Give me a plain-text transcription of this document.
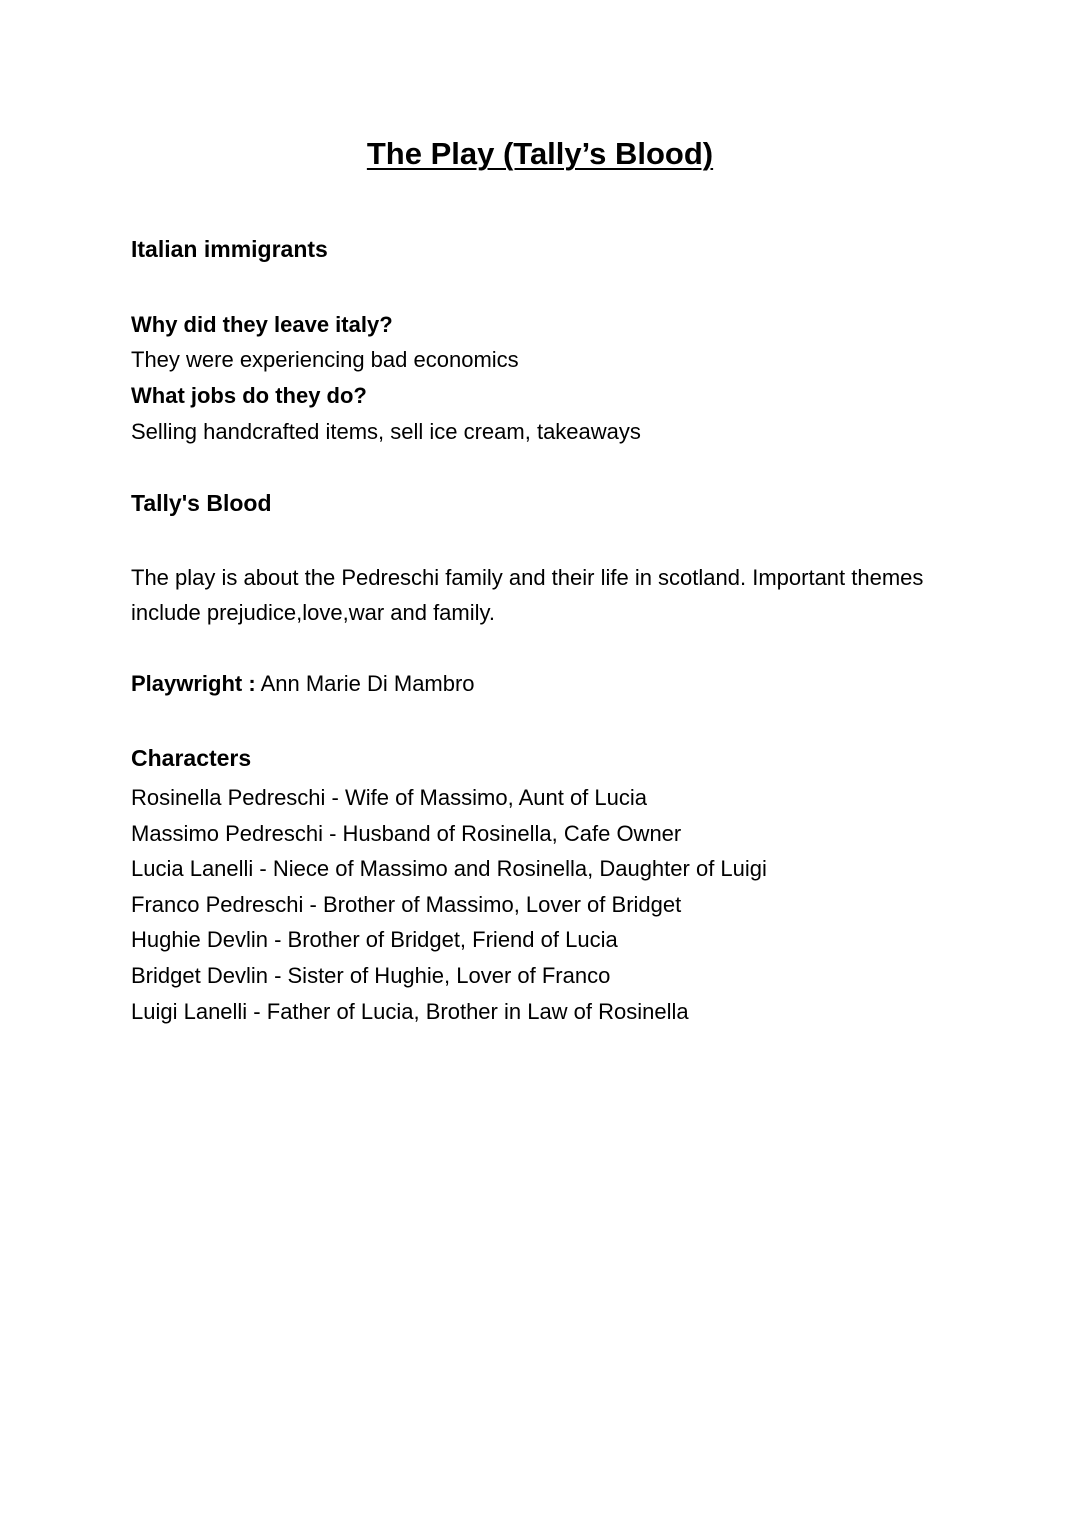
The Play (Tally’s Blood)
Italian immigrants
Why did they leave italy?
They were experiencing bad economics
What jobs do they do?
Selling handcrafted items, sell ice cream, takeaways
Tally's Blood
The play is about the Pedreschi family and their life in scotland. Important themes include prejudice,love,war and family.
Playwright : Ann Marie Di Mambro
Characters
Rosinella Pedreschi - Wife of Massimo, Aunt of Lucia
Massimo Pedreschi - Husband of Rosinella, Cafe Owner
Lucia Lanelli - Niece of Massimo and Rosinella, Daughter of Luigi
Franco Pedreschi - Brother of Massimo, Lover of Bridget
Hughie Devlin - Brother of Bridget, Friend of Lucia
Bridget Devlin - Sister of Hughie, Lover of Franco
Luigi Lanelli - Father of Lucia, Brother in Law of Rosinella
